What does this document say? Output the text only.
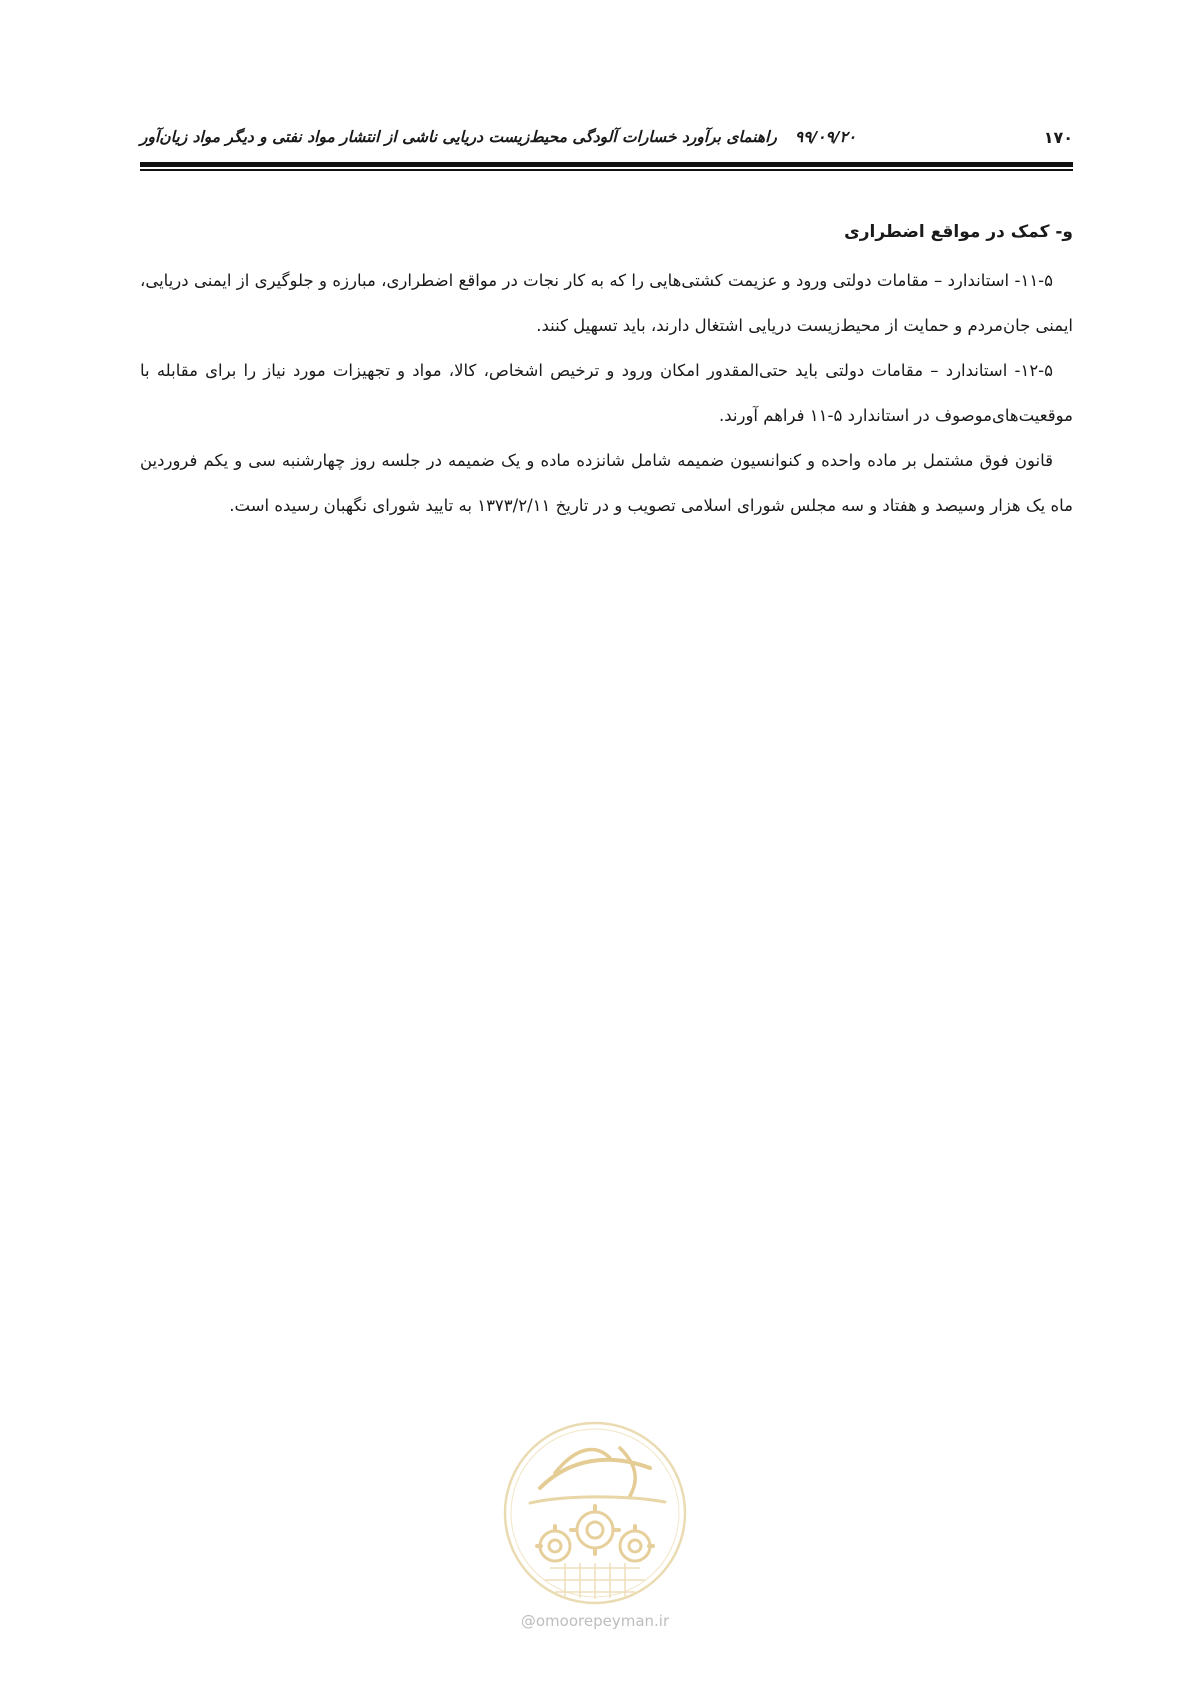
۱۷۰
۹۹/۰۹/۲۰راهنمای برآورد خسارات آلودگی محیط‌زیست دریایی ناشی از انتشار مواد نفتی و دیگر مواد زیان‌آور

و- کمک در مواقع اضطراری

۱۱-۵- استاندارد – مقامات دولتی ورود و عزیمت کشتی‌هایی را که به کار نجات در مواقع اضطراری، مبارزه و جلوگیری از ایمنی دریایی، ایمنی جان‌مردم و حمایت از محیط‌زیست دریایی اشتغال دارند، باید تسهیل کنند.

۱۲-۵- استاندارد – مقامات دولتی باید حتی‌المقدور امکان ورود و ترخیص اشخاص، کالا، مواد و تجهیزات مورد نیاز را برای مقابله با موقعیت‌های‌موصوف در استاندارد ۵-۱۱ فراهم آورند.

قانون فوق مشتمل بر ماده واحده و کنوانسیون ضمیمه شامل شانزده ماده و یک ضمیمه در جلسه روز چهارشنبه سی و یکم فروردین ماه یک هزار وسیصد و هفتاد و سه مجلس شورای اسلامی تصویب و در تاریخ ۱۳۷۳/۲/۱۱ به تایید شورای نگهبان رسیده است.

@omoorepeyman.ir
